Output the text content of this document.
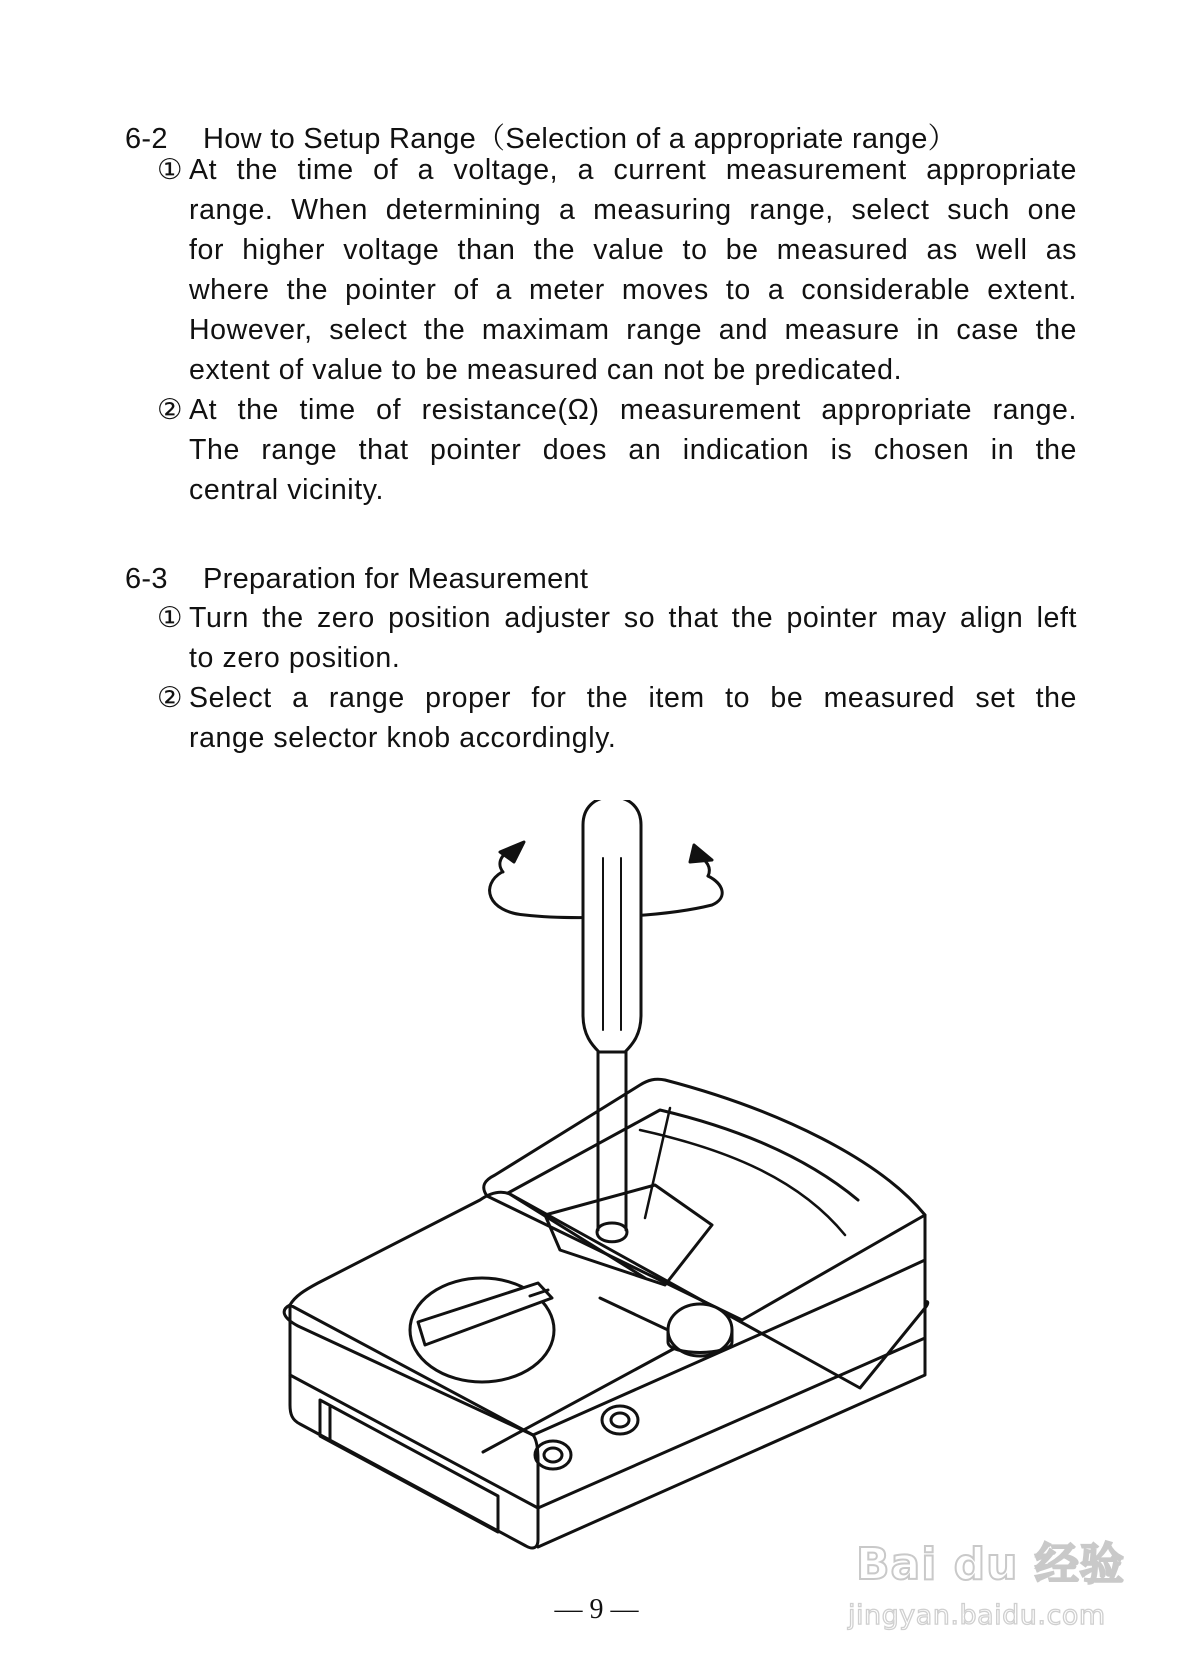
6-2 How to Setup Range（Selection of a appropriate range）
① At the time of a voltage, a current measurement appropriate
range. When determining a measuring range, select such one
for higher voltage than the value to be measured as well as
where the pointer of a meter moves to a considerable extent.
However, select the maximam range and measure in case the
extent of value to be measured can not be predicated.
② At the time of resistance(Ω) measurement appropriate range.
The range that pointer does an indication is chosen in the
central vicinity.
6-3 Preparation for Measurement
① Turn the zero position adjuster so that the pointer may align left
to zero position.
② Select a range proper for the item to be measured set the
range selector knob accordingly.
— 9 —
Bai du 经验
jingyan.baidu.com
